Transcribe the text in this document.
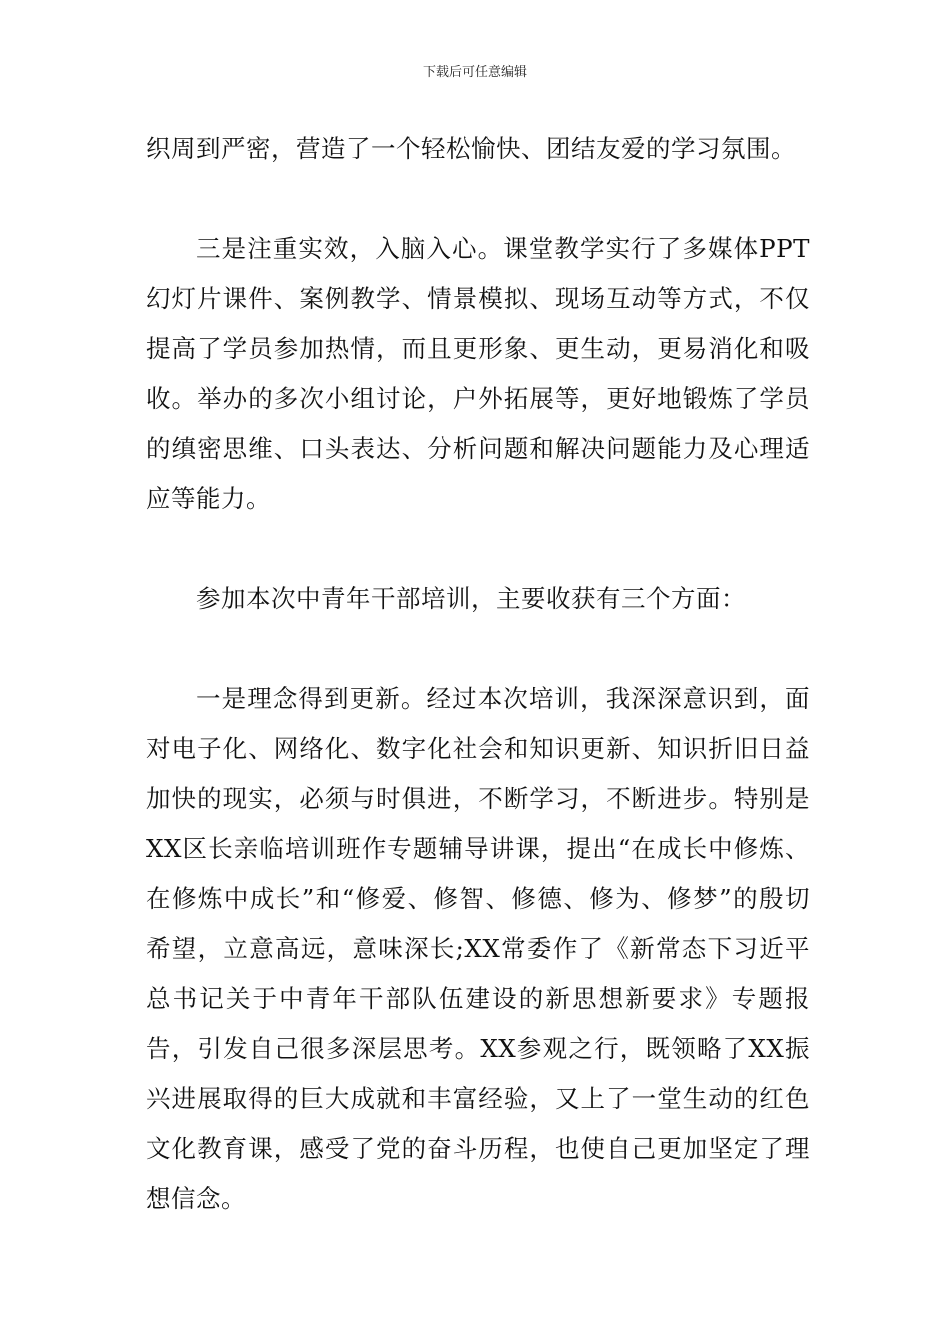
下载后可任意编辑

织周到严密，营造了一个轻松愉快、团结友爱的学习氛围。

三是注重实效，入脑入心。课堂教学实行了多媒体PPT幻灯片课件、案例教学、情景模拟、现场互动等方式，不仅提高了学员参加热情，而且更形象、更生动，更易消化和吸收。举办的多次小组讨论，户外拓展等，更好地锻炼了学员的缜密思维、口头表达、分析问题和解决问题能力及心理适应等能力。

参加本次中青年干部培训，主要收获有三个方面：

一是理念得到更新。经过本次培训，我深深意识到，面对电子化、网络化、数字化社会和知识更新、知识折旧日益加快的现实，必须与时俱进，不断学习，不断进步。特别是XX区长亲临培训班作专题辅导讲课，提出“在成长中修炼、在修炼中成长”和“修爱、修智、修德、修为、修梦”的殷切希望，立意高远，意味深长;XX常委作了《新常态下习近平总书记关于中青年干部队伍建设的新思想新要求》专题报告，引发自己很多深层思考。XX参观之行，既领略了XX振兴进展取得的巨大成就和丰富经验，又上了一堂生动的红色文化教育课，感受了党的奋斗历程，也使自己更加坚定了理想信念。
